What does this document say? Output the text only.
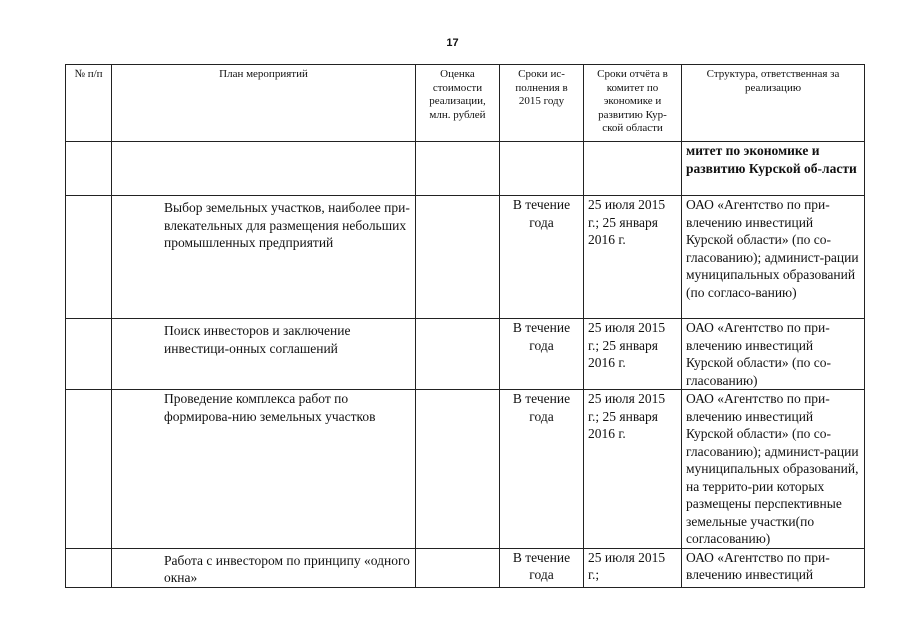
17
№ п/п	План мероприятий	Оценка стоимости реализации, млн. рублей	Сроки ис-полнения в 2015 году	Сроки отчёта в комитет по экономике и развитию Кур-ской области	Структура, ответственная за реализацию
					митет по экономике и развитию Курской об-ласти
	Выбор земельных участков, наиболее при-влекательных для размещения небольших промышленных предприятий		В течение года	25 июля 2015 г.; 25 января 2016 г.	ОАО «Агентство по при-влечению инвестиций Курской области» (по со-гласованию); админист-рации муниципальных образований (по согласо-ванию)
	Поиск инвесторов и заключение инвестици-онных соглашений		В течение года	25 июля 2015 г.; 25 января 2016 г.	ОАО «Агентство по при-влечению инвестиций Курской области» (по со-гласованию)
	Проведение комплекса работ по формирова-нию земельных участков		В течение года	25 июля 2015 г.; 25 января 2016 г.	ОАО «Агентство по при-влечению инвестиций Курской области» (по со-гласованию); админист-рации муниципальных образований, на террито-рии которых размещены перспективные земельные участки(по согласованию)
	Работа с инвестором по принципу «одного окна»		В течение года	25 июля 2015 г.;	ОАО «Агентство по при-влечению инвестиций
